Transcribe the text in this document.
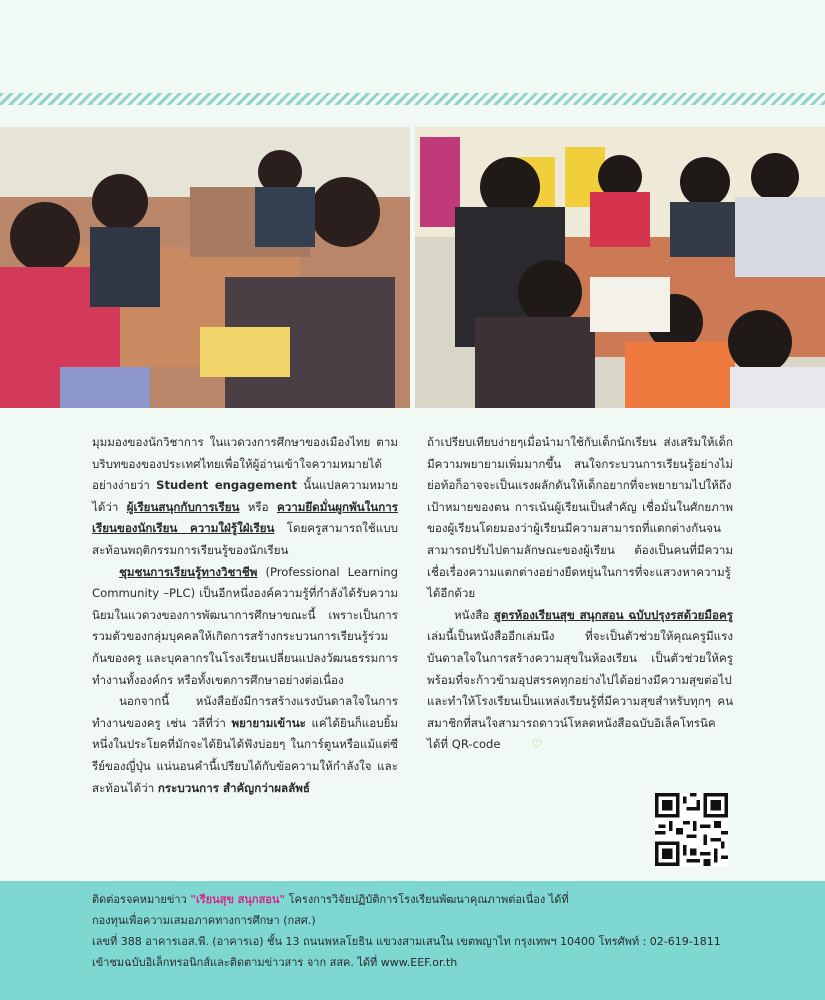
มุมมองของนักวิชาการ ในแวดวงการศึกษาของเมืองไทย ตามบริบทของของประเทศไทยเพื่อให้ผู้อ่านเข้าใจความหมายได้อย่างง่ายว่า Student engagement นั้นแปลความหมายได้ว่า ผู้เรียนสนุกกับการเรียน หรือ ความยึดมั่นผูกพันในการเรียนของนักเรียน ความใฝ่รู้ใฝ่เรียน โดยครูสามารถใช้แบบสะท้อนพฤติกรรมการเรียนรู้ของนักเรียน

ชุมชนการเรียนรู้ทางวิชาชีพ (Professional Learning Community –PLC) เป็นอีกหนึ่งองค์ความรู้ที่กำลังได้รับความนิยมในแวดวงของการพัฒนาการศึกษาขณะนี้ เพราะเป็นการรวมตัวของกลุ่มบุคคลให้เกิดการสร้างกระบวนการเรียนรู้ร่วมกันของครู และบุคลากรในโรงเรียนเปลี่ยนแปลงวัฒนธรรมการทำงานทั้งองค์กร หรือทั้งเขตการศึกษาอย่างต่อเนื่อง

นอกจากนี้ หนังสือยังมีการสร้างแรงบันดาลใจในการทำงานของครู เช่น วลีที่ว่า พยายามเข้านะ แค่ได้ยินก็แอบยิ้ม หนึ่งในประโยคที่มักจะได้ยินได้ฟังบ่อยๆ ในการ์ตูนหรือแม้แต่ซีรีย์ของญี่ปุ่น แน่นอนคำนี้เปรียบได้กับข้อความให้กำลังใจ และสะท้อนได้ว่า กระบวนการ สำคัญกว่าผลลัพธ์

ถ้าเปรียบเทียบง่ายๆเมื่อนำมาใช้กับเด็กนักเรียน ส่งเสริมให้เด็กมีความพยายามเพิ่มมากขึ้น สนใจกระบวนการเรียนรู้อย่างไม่ย่อท้อก็อาจจะเป็นแรงผลักดันให้เด็กอยากที่จะพยายามไปให้ถึงเป้าหมายของตน การเน้นผู้เรียนเป็นสำคัญ เชื่อมั่นในศักยภาพของผู้เรียนโดยมองว่าผู้เรียนมีความสามารถที่แตกต่างกันจนสามารถปรับไปตามลักษณะของผู้เรียน ต้องเป็นคนที่มีความเชื่อเรื่องความแตกต่างอย่างยืดหยุ่นในการที่จะแสวงหาความรู้ได้อีกด้วย

หนังสือ สูตรห้องเรียนสุข สนุกสอน ฉบับปรุงรสด้วยมือครู เล่มนี้เป็นหนังสืออีกเล่มนึง ที่จะเป็นตัวช่วยให้คุณครูมีแรงบันดาลใจในการสร้างความสุขในห้องเรียน เป็นตัวช่วยให้ครูพร้อมที่จะก้าวข้ามอุปสรรคทุกอย่างไปได้อย่างมีความสุขต่อไป และทำให้โรงเรียนเป็นแหล่งเรียนรู้ที่มีความสุขสำหรับทุกๆ คน สมาชิกที่สนใจสามารถดาวน์โหลดหนังสือฉบับอิเล็คโทรนิคได้ที่ QR-code	♡

ติดต่อรจคหมายข่าว "เรียนสุข สนุกสอน" โครงการวิจัยปฏิบัติการโรงเรียนพัฒนาคุณภาพต่อเนื่อง ได้ที่
กองทุนเพื่อความเสมอภาคทางการศึกษา (กสศ.)
เลขที่ 388 อาคารเอส.พี. (อาคารเอ) ชั้น 13 ถนนพหลโยธิน แขวงสามเสนใน เขตพญาไท กรุงเทพฯ 10400 โทรศัพท์ : 02-619-1811
เข้าชมฉบับอิเล็กทรอนิกส์และติดตามข่าวสาร จาก สสค. ได้ที่ www.EEF.or.th
